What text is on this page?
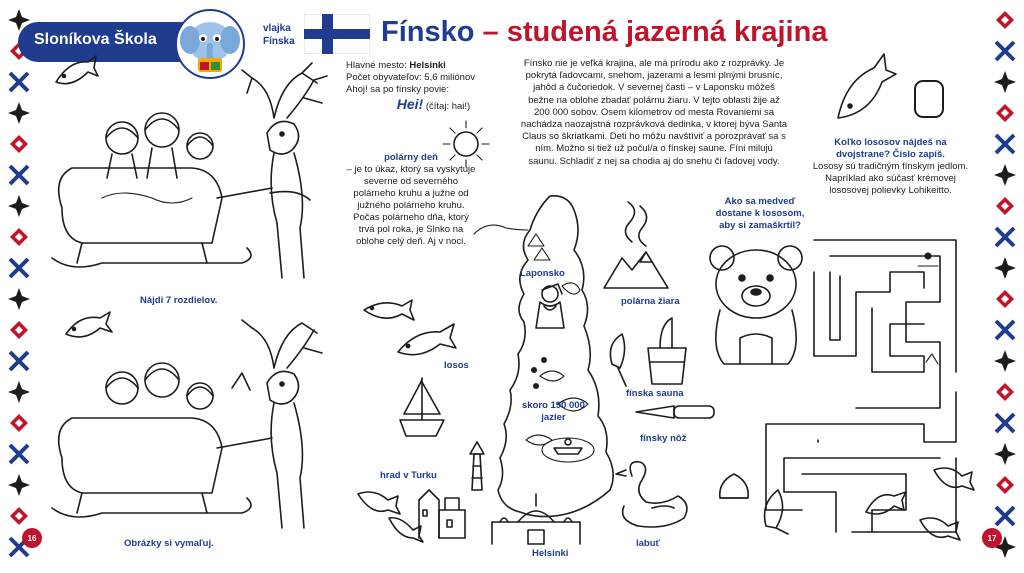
Sloníkova Škola
vlajka
Fínska	Fínsko – studená jazerná krajina
Hlavné mesto: Helsinki
Počet obyvateľov: 5,6 miliónov
Ahoj! sa po fínsky povie:
Hei! (čítaj: hai!)
Fínsko nie je veľká krajina, ale má prírodu ako z rozprávky. Je pokrytá ľadovcami, snehom, jazerami a lesmi plnými brusníc, jahôd a čučoriedok. V severnej časti – v Laponsku môžeš bežne na oblohe zbadať polárnu žiaru. V tejto oblasti žije až 200 000 sobov. Osem kilometrov od mesta Rovaniemi sa nachádza naozajstná rozprávková dedinka, v ktorej býva Santa Claus so škriatkami. Deti ho môžu navštíviť a porozprávať sa s ním. Možno si tiež už počul/a o fínskej saune. Fíni milujú saunu. Schladiť z nej sa chodia aj do snehu či ľadovej vody.
polárny deň
– je to úkaz, ktorý sa vyskytuje severne od severného polárneho kruhu a južne od južného polárneho kruhu. Počas polárneho dňa, ktorý trvá pol roka, je Slnko na oblohe celý deň. Aj v noci.
Koľko lososov nájdeš na dvojstrane? Číslo zapíš.
Lososy sú tradičným fínskym jedlom. Napríklad ako súčasť krémovej lososovej polievky Lohikeitto.
Ako sa medveď dostane k lososom, aby si zamaškrtil?
Nájdi 7 rozdielov.
Obrázky si vymaľuj.
Laponsko
polárna žiara
losos
skoro 190 000
jazier
fínska sauna
fínsky nôž
hrad v Turku
labuť
Helsinki
16	17
